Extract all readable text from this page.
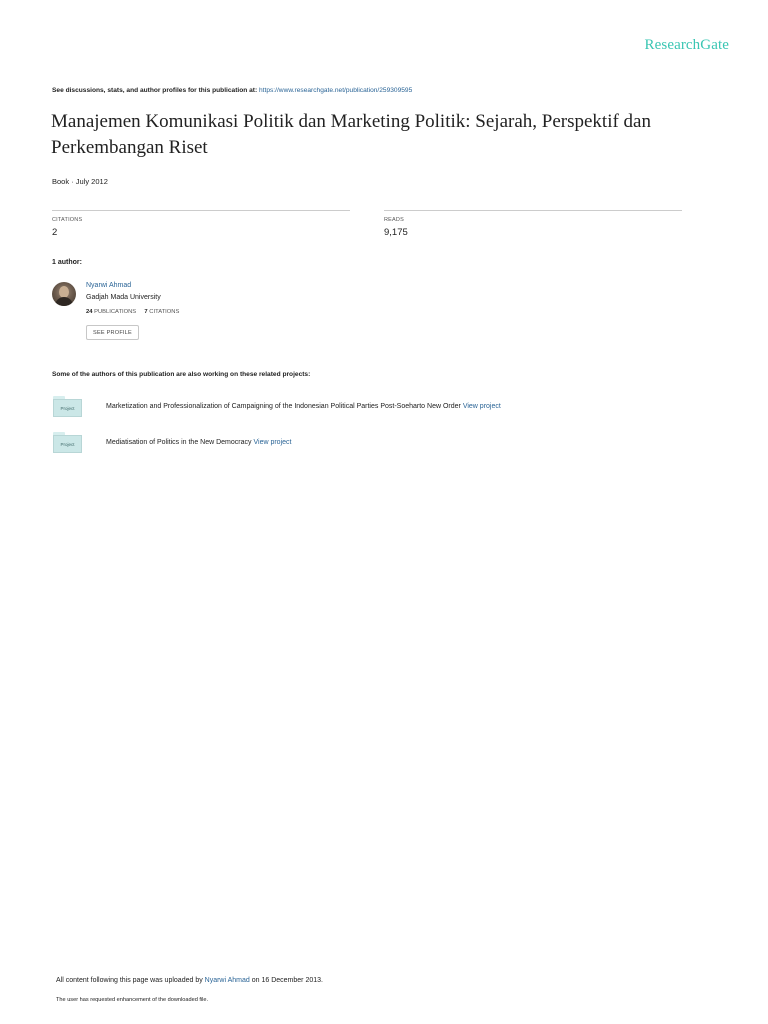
ResearchGate
See discussions, stats, and author profiles for this publication at: https://www.researchgate.net/publication/259309595
Manajemen Komunikasi Politik dan Marketing Politik: Sejarah, Perspektif dan Perkembangan Riset
Book · July 2012
CITATIONS
2
READS
9,175
1 author:
Nyarwi Ahmad
Gadjah Mada University
24 PUBLICATIONS 7 CITATIONS
SEE PROFILE
Some of the authors of this publication are also working on these related projects:
Project	Marketization and Professionalization of Campaigning of the Indonesian Political Parties Post-Soeharto New Order View project
Project	Mediatisation of Politics in the New Democracy View project
All content following this page was uploaded by Nyarwi Ahmad on 16 December 2013.
The user has requested enhancement of the downloaded file.
